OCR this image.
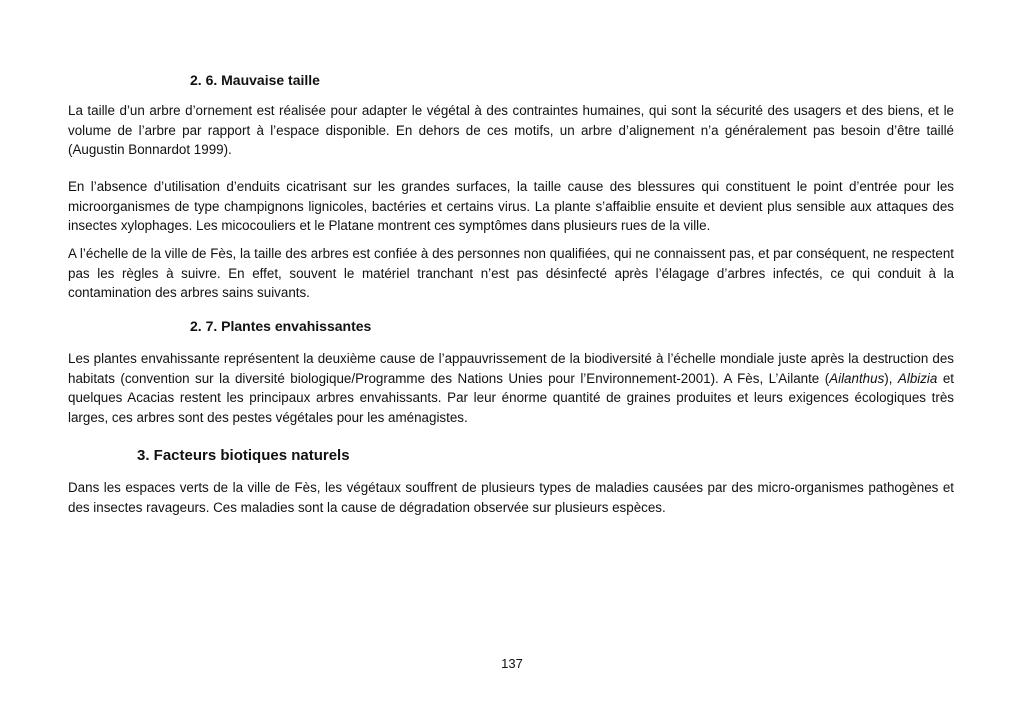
2. 6. Mauvaise taille

La taille d’un arbre d’ornement est réalisée pour adapter le végétal à des contraintes humaines, qui sont la sécurité des usagers et des biens, et le volume de l’arbre par rapport à l’espace disponible. En dehors de ces motifs, un arbre d’alignement n’a généralement pas besoin d’être taillé (Augustin Bonnardot 1999).

En l’absence d’utilisation d’enduits cicatrisant sur les grandes surfaces, la taille cause des blessures qui constituent le point d’entrée pour les microorganismes de type champignons lignicoles, bactéries et certains virus. La plante s’affaiblie ensuite et devient plus sensible aux attaques des insectes xylophages. Les micocouliers et le Platane montrent ces symptômes dans plusieurs rues de la ville.

A l’échelle de la ville de Fès, la taille des arbres est confiée à des personnes non qualifiées, qui ne connaissent pas, et par conséquent, ne respectent pas les règles à suivre. En effet, souvent le matériel tranchant n’est pas désinfecté après l’élagage d’arbres infectés, ce qui conduit à la contamination des arbres sains suivants.

2. 7. Plantes envahissantes

Les plantes envahissante représentent la deuxième cause de l’appauvrissement de la biodiversité à l’échelle mondiale juste après la destruction des habitats (convention sur la diversité biologique/Programme des Nations Unies pour l’Environnement-2001). A Fès, L’Ailante (Ailanthus), Albizia et quelques Acacias restent les principaux arbres envahissants. Par leur énorme quantité de graines produites et leurs exigences écologiques très larges, ces arbres sont des pestes végétales pour les aménagistes.

3. Facteurs biotiques naturels

Dans les espaces verts de la ville de Fès, les végétaux souffrent de plusieurs types de maladies causées par des micro-organismes pathogènes et des insectes ravageurs. Ces maladies sont la cause de dégradation observée sur plusieurs espèces.

137
